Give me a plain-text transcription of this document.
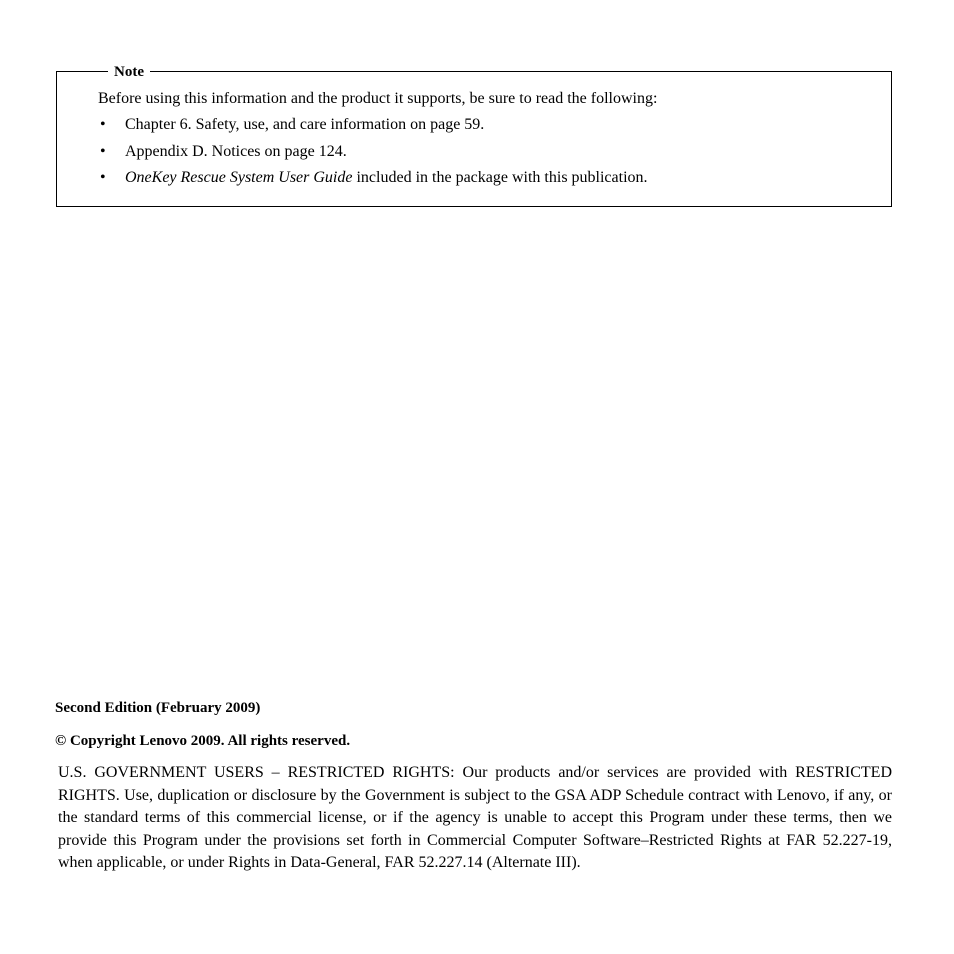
Note
Before using this information and the product it supports, be sure to read the following:
• Chapter 6. Safety, use, and care information on page 59.
• Appendix D. Notices on page 124.
• OneKey Rescue System User Guide included in the package with this publication.
Second Edition (February 2009)
© Copyright Lenovo 2009. All rights reserved.

U.S. GOVERNMENT USERS – RESTRICTED RIGHTS: Our products and/or services are provided with RESTRICTED RIGHTS. Use, duplication or disclosure by the Government is subject to the GSA ADP Schedule contract with Lenovo, if any, or the standard terms of this commercial license, or if the agency is unable to accept this Program under these terms, then we provide this Program under the provisions set forth in Commercial Computer Software–Restricted Rights at FAR 52.227-19, when applicable, or under Rights in Data-General, FAR 52.227.14 (Alternate III).
